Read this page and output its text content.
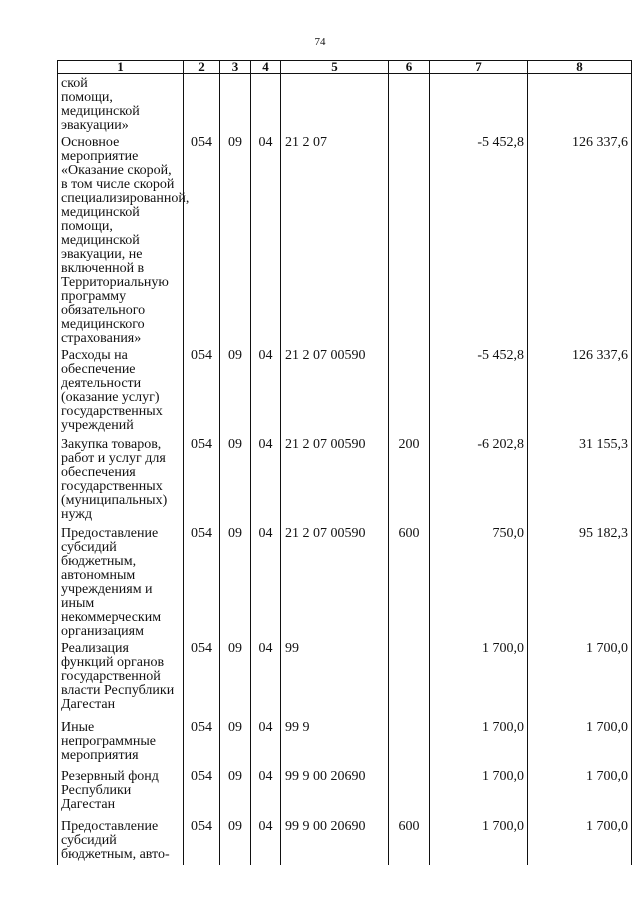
74
1	2	3	4	5	6	7	8

ской помощи, медицинской эвакуации»							

Основное мероприятие «Оказание скорой, в том числе скорой специализированной, медицинской помощи, медицинской эвакуации, не включенной в Территориальную программу обязательного медицинского страхования»	054	09	04	21 2 07		-5 452,8	126 337,6

Расходы на обеспечение деятельности (оказание услуг) государственных учреждений	054	09	04	21 2 07 00590		-5 452,8	126 337,6

Закупка товаров, работ и услуг для обеспечения государственных (муниципальных) нужд	054	09	04	21 2 07 00590	200	-6 202,8	31 155,3

Предоставление субсидий бюджетным, автономным учреждениям и иным некоммерческим организациям	054	09	04	21 2 07 00590	600	750,0	95 182,3

Реализация функций органов государственной власти Республики Дагестан	054	09	04	99		1 700,0	1 700,0

Иные непрограммные мероприятия	054	09	04	99 9		1 700,0	1 700,0

Резервный фонд Республики Дагестан	054	09	04	99 9 00 20690		1 700,0	1 700,0

Предоставление субсидий бюджетным, авто-	054	09	04	99 9 00 20690	600	1 700,0	1 700,0
